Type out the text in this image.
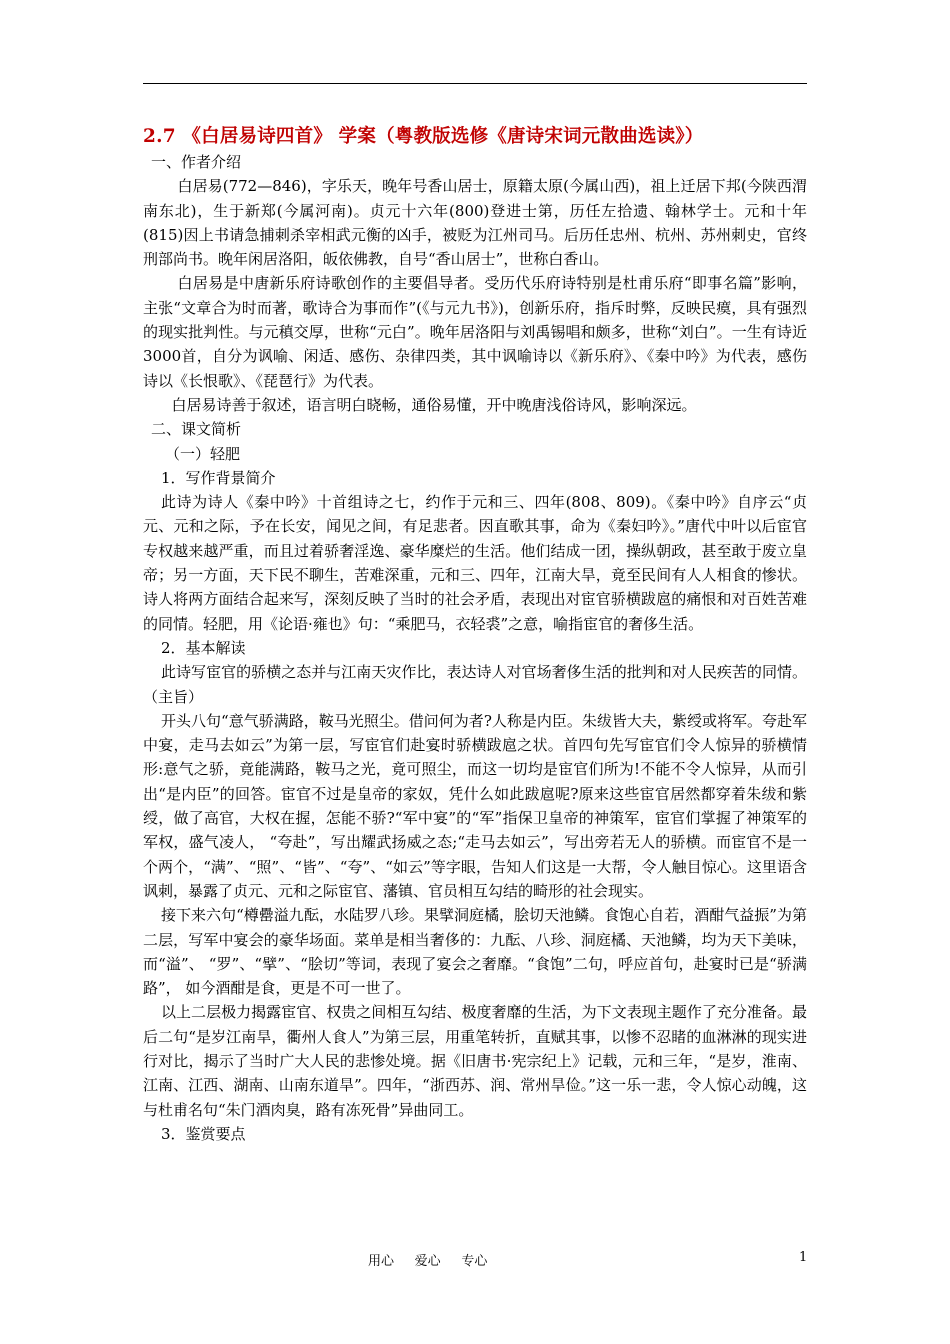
2.7 《白居易诗四首》 学案（粤教版选修《唐诗宋词元散曲选读》）

一、作者介绍

白居易(772—846)，字乐天，晚年号香山居士，原籍太原(今属山西)，祖上迁居下邦(今陕西渭南东北)，生于新郑(今属河南)。贞元十六年(800)登进士第，历任左拾遗、翰林学士。元和十年(815)因上书请急捕刺杀宰相武元衡的凶手，被贬为江州司马。后历任忠州、杭州、苏州刺史，官终刑部尚书。晚年闲居洛阳，皈依佛教，自号“香山居士”，世称白香山。

白居易是中唐新乐府诗歌创作的主要倡导者。受历代乐府诗特别是杜甫乐府“即事名篇”影响，主张“文章合为时而著，歌诗合为事而作”(《与元九书》)，创新乐府，指斥时弊，反映民瘼，具有强烈的现实批判性。与元稹交厚，世称“元白”。晚年居洛阳与刘禹锡唱和颇多，世称“刘白”。一生有诗近3000首，自分为讽喻、闲适、感伤、杂律四类，其中讽喻诗以《新乐府》、《秦中吟》为代表，感伤诗以《长恨歌》、《琵琶行》为代表。

白居易诗善于叙述，语言明白晓畅，通俗易懂，开中晚唐浅俗诗风，影响深远。

二、课文简析

（一）轻肥

1．写作背景简介

此诗为诗人《秦中吟》十首组诗之七，约作于元和三、四年(808、809)。《秦中吟》自序云“贞元、元和之际，予在长安，闻见之间，有足悲者。因直歌其事，命为《秦妇吟》。”唐代中叶以后宦官专权越来越严重，而且过着骄奢淫逸、豪华糜烂的生活。他们结成一团，操纵朝政，甚至敢于废立皇帝；另一方面，天下民不聊生，苦难深重，元和三、四年，江南大旱，竟至民间有人人相食的惨状。诗人将两方面结合起来写，深刻反映了当时的社会矛盾，表现出对宦官骄横跋扈的痛恨和对百姓苦难的同情。轻肥，用《论语·雍也》句：“乘肥马，衣轻裘”之意，喻指宦官的奢侈生活。

2．基本解读

此诗写宦官的骄横之态并与江南天灾作比，表达诗人对官场奢侈生活的批判和对人民疾苦的同情。（主旨）

开头八句“意气骄满路，鞍马光照尘。借问何为者?人称是内臣。朱绂皆大夫，紫绶或将军。夸赴军中宴，走马去如云”为第一层，写宦官们赴宴时骄横跋扈之状。首四句先写宦官们令人惊异的骄横情形:意气之骄，竟能满路，鞍马之光，竟可照尘，而这一切均是宦官们所为!不能不令人惊异，从而引出“是内臣”的回答。宦官不过是皇帝的家奴，凭什么如此跋扈呢?原来这些宦官居然都穿着朱绂和紫绶，做了高官，大权在握，怎能不骄?“军中宴”的“军”指保卫皇帝的神策军，宦官们掌握了神策军的军权，盛气凌人， “夸赴”，写出耀武扬威之态;“走马去如云”，写出旁若无人的骄横。而宦官不是一个两个，“满”、“照”、“皆”、“夸”、“如云”等字眼，告知人们这是一大帮，令人触目惊心。这里语含讽刺，暴露了贞元、元和之际宦官、藩镇、官员相互勾结的畸形的社会现实。

接下来六句“樽罍溢九酝，水陆罗八珍。果擘洞庭橘，脍切天池鳞。食饱心自若，酒酣气益振”为第二层，写军中宴会的豪华场面。菜单是相当奢侈的：九酝、八珍、洞庭橘、天池鳞，均为天下美味，而“溢”、 “罗”、“擘”、“脍切”等词，表现了宴会之奢靡。“食饱”二句，呼应首句，赴宴时已是“骄满路”， 如今酒酣是食，更是不可一世了。

以上二层极力揭露宦官、权贵之间相互勾结、极度奢靡的生活，为下文表现主题作了充分准备。最后二句“是岁江南旱，衢州人食人”为第三层，用重笔转折，直赋其事，以惨不忍睹的血淋淋的现实进行对比，揭示了当时广大人民的悲惨处境。据《旧唐书·宪宗纪上》记载，元和三年，“是岁，淮南、江南、江西、湖南、山南东道旱”。四年，“浙西苏、润、常州旱俭。”这一乐一悲，令人惊心动魄，这与杜甫名句“朱门酒肉臭，路有冻死骨”异曲同工。

3．鉴赏要点

用心     爱心     专心	1
